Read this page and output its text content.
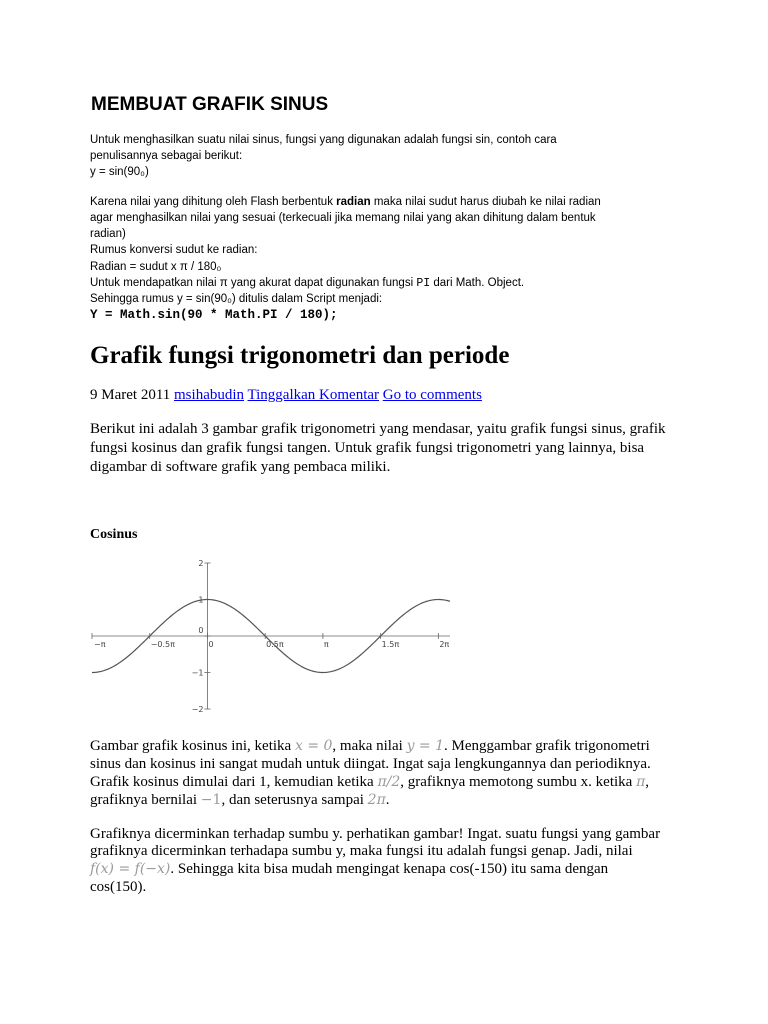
MEMBUAT GRAFIK SINUS
Untuk menghasilkan suatu nilai sinus, fungsi yang digunakan adalah fungsi sin, contoh cara
penulisannya sebagai berikut:
y = sin(90₀)
Karena nilai yang dihitung oleh Flash berbentuk radian maka nilai sudut harus diubah ke nilai radian
agar menghasilkan nilai yang sesuai (terkecuali jika memang nilai yang akan dihitung dalam bentuk
radian)
Rumus konversi sudut ke radian:
Radian = sudut x π / 180₀
Untuk mendapatkan nilai π yang akurat dapat digunakan fungsi PI dari Math. Object.
Sehingga rumus y = sin(90₀) ditulis dalam Script menjadi:
Y = Math.sin(90 * Math.PI / 180);
Grafik fungsi trigonometri dan periode
9 Maret 2011 msihabudin Tinggalkan Komentar Go to comments
Berikut ini adalah 3 gambar grafik trigonometri yang mendasar, yaitu grafik fungsi sinus, grafik
fungsi kosinus dan grafik fungsi tangen. Untuk grafik fungsi trigonometri yang lainnya, bisa
digambar di software grafik yang pembaca miliki.
Cosinus
−π	−0.5π	0	0.5π	π	1.5π	2π
2
1
0
−1
−2
Gambar grafik kosinus ini, ketika x = 0, maka nilai y = 1. Menggambar grafik trigonometri
sinus dan kosinus ini sangat mudah untuk diingat. Ingat saja lengkungannya dan periodiknya.
Grafik kosinus dimulai dari 1, kemudian ketika π/2, grafiknya memotong sumbu x. ketika π,
grafiknya bernilai −1, dan seterusnya sampai 2π.
Grafiknya dicerminkan terhadap sumbu y. perhatikan gambar! Ingat. suatu fungsi yang gambar
grafiknya dicerminkan terhadapa sumbu y, maka fungsi itu adalah fungsi genap. Jadi, nilai
f(x) = f(−x). Sehingga kita bisa mudah mengingat kenapa cos(-150) itu sama dengan
cos(150).
